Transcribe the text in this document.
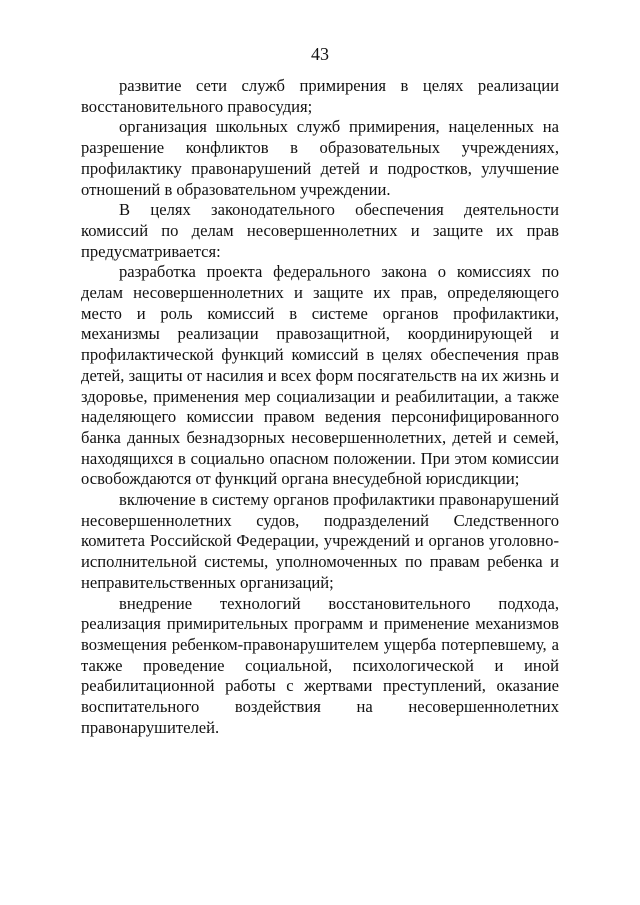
43

развитие сети служб примирения в целях реализации восстановительного правосудия;

организация школьных служб примирения, нацеленных на разрешение конфликтов в образовательных учреждениях, профилактику правонарушений детей и подростков, улучшение отношений в образовательном учреждении.

В целях законодательного обеспечения деятельности комиссий по делам несовершеннолетних и защите их прав предусматривается:

разработка проекта федерального закона о комиссиях по делам несовершеннолетних и защите их прав, определяющего место и роль комиссий в системе органов профилактики, механизмы реализации правозащитной, координирующей и профилактической функций комиссий в целях обеспечения прав детей, защиты от насилия и всех форм посягательств на их жизнь и здоровье, применения мер социализации и реабилитации, а также наделяющего комиссии правом ведения персонифицированного банка данных безнадзорных несовершеннолетних, детей и семей, находящихся в социально опасном положении. При этом комиссии освобождаются от функций органа внесудебной юрисдикции;

включение в систему органов профилактики правонарушений несовершеннолетних судов, подразделений Следственного комитета Российской Федерации, учреждений и органов уголовно-исполнительной системы, уполномоченных по правам ребенка и неправительственных организаций;

внедрение технологий восстановительного подхода, реализация примирительных программ и применение механизмов возмещения ребенком-правонарушителем ущерба потерпевшему, а также проведение социальной, психологической и иной реабилитационной работы с жертвами преступлений, оказание воспитательного воздействия на несовершеннолетних правонарушителей.
